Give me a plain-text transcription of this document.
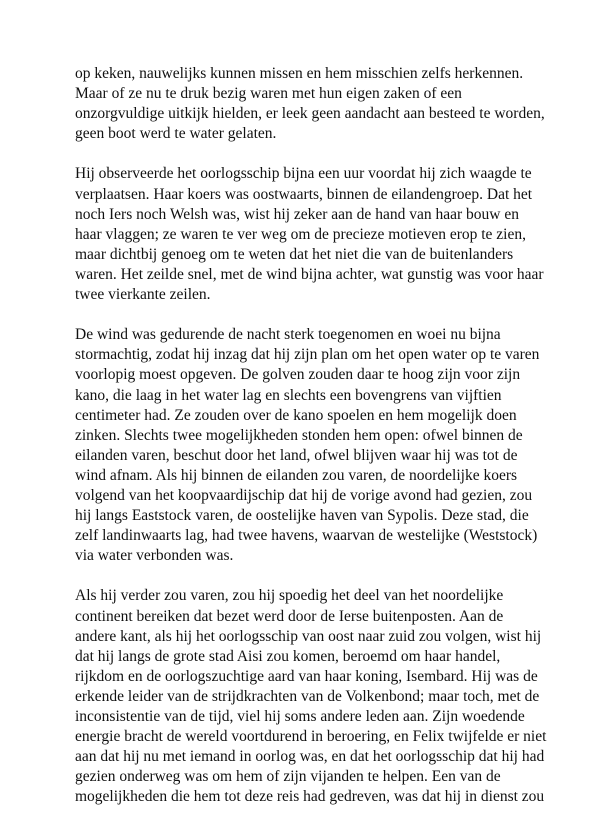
op keken, nauwelijks kunnen missen en hem misschien zelfs herkennen.
Maar of ze nu te druk bezig waren met hun eigen zaken of een
onzorgvuldige uitkijk hielden, er leek geen aandacht aan besteed te worden,
geen boot werd te water gelaten.

Hij observeerde het oorlogsschip bijna een uur voordat hij zich waagde te
verplaatsen. Haar koers was oostwaarts, binnen de eilandengroep. Dat het
noch Iers noch Welsh was, wist hij zeker aan de hand van haar bouw en
haar vlaggen; ze waren te ver weg om de precieze motieven erop te zien,
maar dichtbij genoeg om te weten dat het niet die van de buitenlanders
waren. Het zeilde snel, met de wind bijna achter, wat gunstig was voor haar
twee vierkante zeilen.

De wind was gedurende de nacht sterk toegenomen en woei nu bijna
stormachtig, zodat hij inzag dat hij zijn plan om het open water op te varen
voorlopig moest opgeven. De golven zouden daar te hoog zijn voor zijn
kano, die laag in het water lag en slechts een bovengrens van vijftien
centimeter had. Ze zouden over de kano spoelen en hem mogelijk doen
zinken. Slechts twee mogelijkheden stonden hem open: ofwel binnen de
eilanden varen, beschut door het land, ofwel blijven waar hij was tot de
wind afnam. Als hij binnen de eilanden zou varen, de noordelijke koers
volgend van het koopvaardijschip dat hij de vorige avond had gezien, zou
hij langs Eaststock varen, de oostelijke haven van Sypolis. Deze stad, die
zelf landinwaarts lag, had twee havens, waarvan de westelijke (Weststock)
via water verbonden was.

Als hij verder zou varen, zou hij spoedig het deel van het noordelijke
continent bereiken dat bezet werd door de Ierse buitenposten. Aan de
andere kant, als hij het oorlogsschip van oost naar zuid zou volgen, wist hij
dat hij langs de grote stad Aisi zou komen, beroemd om haar handel,
rijkdom en de oorlogszuchtige aard van haar koning, Isembard. Hij was de
erkende leider van de strijdkrachten van de Volkenbond; maar toch, met de
inconsistentie van de tijd, viel hij soms andere leden aan. Zijn woedende
energie bracht de wereld voortdurend in beroering, en Felix twijfelde er niet
aan dat hij nu met iemand in oorlog was, en dat het oorlogsschip dat hij had
gezien onderweg was om hem of zijn vijanden te helpen. Een van de
mogelijkheden die hem tot deze reis had gedreven, was dat hij in dienst zou
